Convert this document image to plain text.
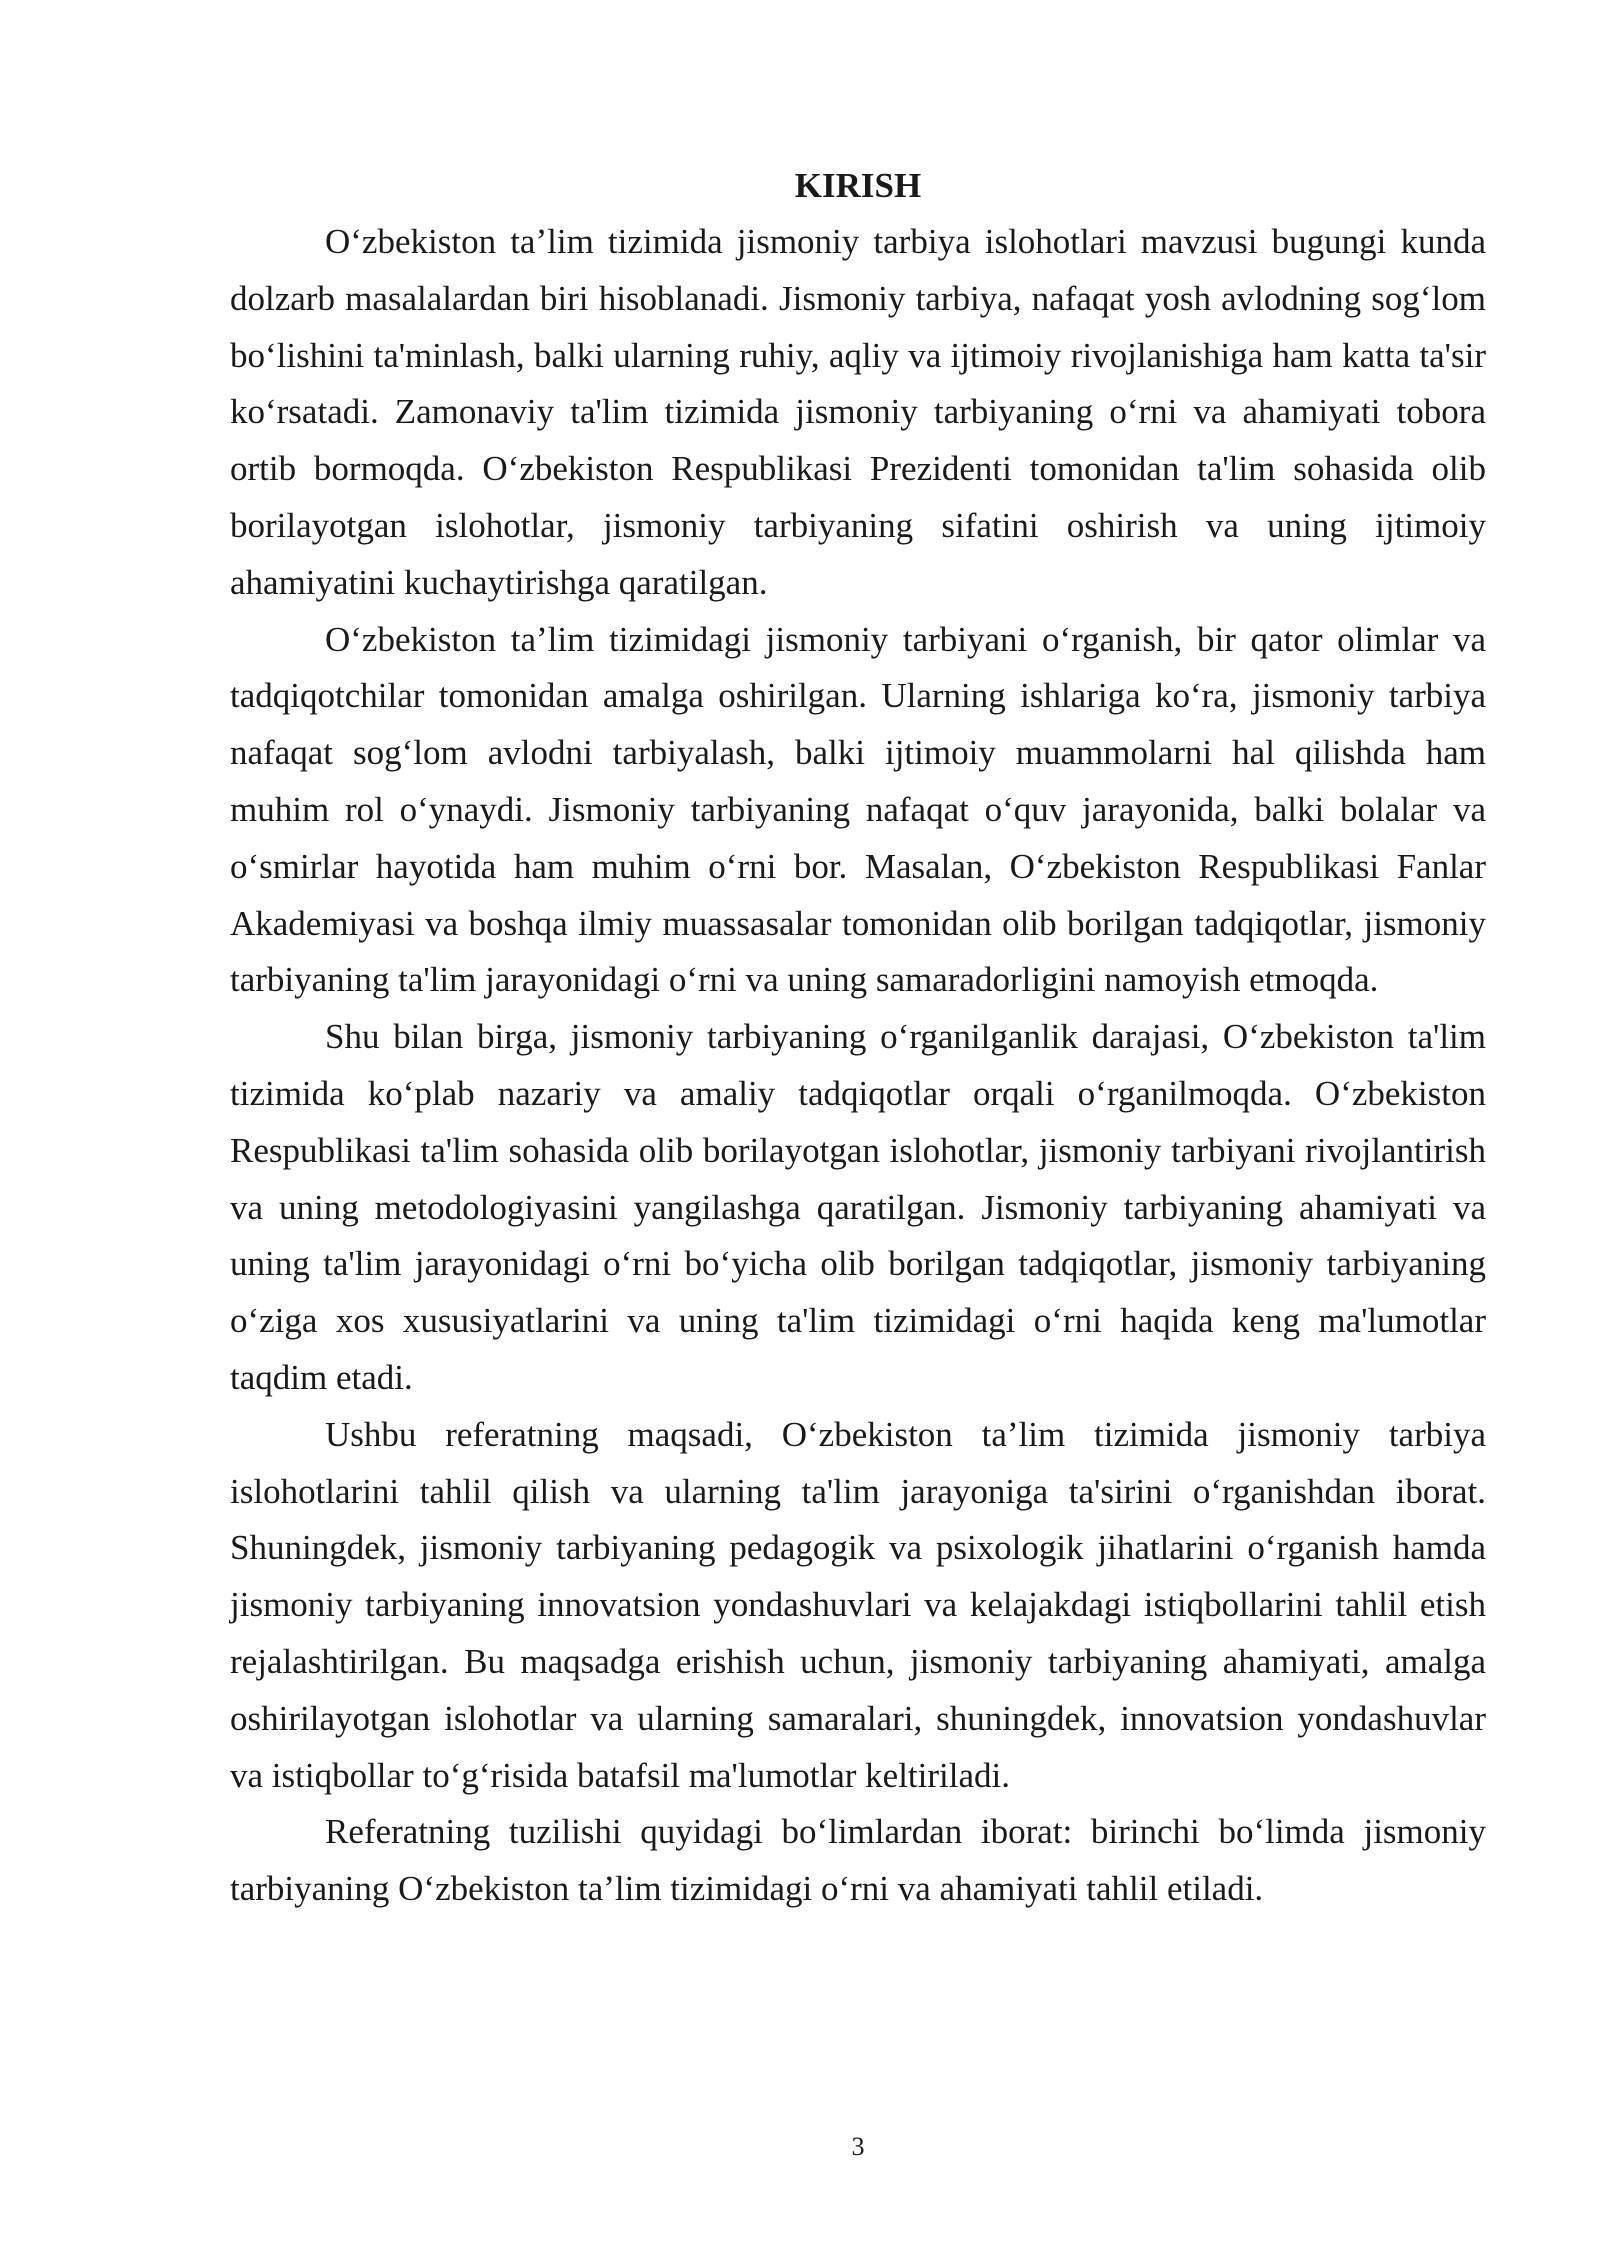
KIRISH

Oʻzbekiston taʼlim tizimida jismoniy tarbiya islohotlari mavzusi bugungi kunda dolzarb masalalardan biri hisoblanadi. Jismoniy tarbiya, nafaqat yosh avlodning sogʻlom boʻlishini ta'minlash, balki ularning ruhiy, aqliy va ijtimoiy rivojlanishiga ham katta ta'sir koʻrsatadi. Zamonaviy ta'lim tizimida jismoniy tarbiyaning oʻrni va ahamiyati tobora ortib bormoqda. Oʻzbekiston Respublikasi Prezidenti tomonidan ta'lim sohasida olib borilayotgan islohotlar, jismoniy tarbiyaning sifatini oshirish va uning ijtimoiy ahamiyatini kuchaytirishga qaratilgan.

Oʻzbekiston taʼlim tizimidagi jismoniy tarbiyani oʻrganish, bir qator olimlar va tadqiqotchilar tomonidan amalga oshirilgan. Ularning ishlariga koʻra, jismoniy tarbiya nafaqat sogʻlom avlodni tarbiyalash, balki ijtimoiy muammolarni hal qilishda ham muhim rol oʻynaydi. Jismoniy tarbiyaning nafaqat oʻquv jarayonida, balki bolalar va oʻsmirlar hayotida ham muhim oʻrni bor. Masalan, Oʻzbekiston Respublikasi Fanlar Akademiyasi va boshqa ilmiy muassasalar tomonidan olib borilgan tadqiqotlar, jismoniy tarbiyaning ta'lim jarayonidagi oʻrni va uning samaradorligini namoyish etmoqda.

Shu bilan birga, jismoniy tarbiyaning oʻrganilganlik darajasi, Oʻzbekiston ta'lim tizimida koʻplab nazariy va amaliy tadqiqotlar orqali oʻrganilmoqda. Oʻzbekiston Respublikasi ta'lim sohasida olib borilayotgan islohotlar, jismoniy tarbiyani rivojlantirish va uning metodologiyasini yangilashga qaratilgan. Jismoniy tarbiyaning ahamiyati va uning ta'lim jarayonidagi oʻrni boʻyicha olib borilgan tadqiqotlar, jismoniy tarbiyaning oʻziga xos xususiyatlarini va uning ta'lim tizimidagi oʻrni haqida keng ma'lumotlar taqdim etadi.

Ushbu referatning maqsadi, Oʻzbekiston taʼlim tizimida jismoniy tarbiya islohotlarini tahlil qilish va ularning ta'lim jarayoniga ta'sirini oʻrganishdan iborat. Shuningdek, jismoniy tarbiyaning pedagogik va psixologik jihatlarini oʻrganish hamda jismoniy tarbiyaning innovatsion yondashuvlari va kelajakdagi istiqbollarini tahlil etish rejalashtirilgan. Bu maqsadga erishish uchun, jismoniy tarbiyaning ahamiyati, amalga oshirilayotgan islohotlar va ularning samaralari, shuningdek, innovatsion yondashuvlar va istiqbollar toʻgʻrisida batafsil ma'lumotlar keltiriladi.

Referatning tuzilishi quyidagi boʻlimlardan iborat: birinchi boʻlimda jismoniy tarbiyaning Oʻzbekiston taʼlim tizimidagi oʻrni va ahamiyati tahlil etiladi.

3
